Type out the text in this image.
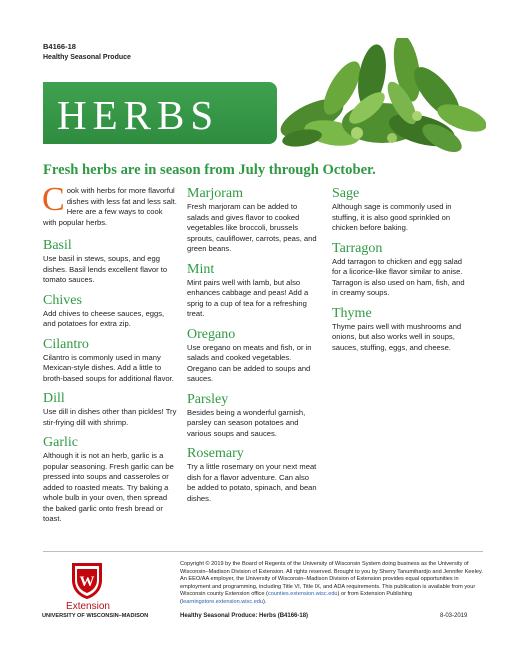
B4166-18
Healthy Seasonal Produce
HERBS
Fresh herbs are in season from July through October.
C ook with herbs for more flavorful dishes with less fat and less salt. Here are a few ways to cook with popular herbs.
Basil
Use basil in stews, soups, and egg dishes. Basil lends excellent flavor to tomato sauces.
Chives
Add chives to cheese sauces, eggs, and potatoes for extra zip.
Cilantro
Cilantro is commonly used in many Mexican-style dishes. Add a little to broth-based soups for additional flavor.
Dill
Use dill in dishes other than pickles! Try stir-frying dill with shrimp.
Garlic
Although it is not an herb, garlic is a popular seasoning. Fresh garlic can be pressed into soups and casseroles or added to roasted meats. Try baking a whole bulb in your oven, then spread the baked garlic onto fresh bread or toast.
Marjoram
Fresh marjoram can be added to salads and gives flavor to cooked vegetables like broccoli, brussels sprouts, cauliflower, carrots, peas, and green beans.
Mint
Mint pairs well with lamb, but also enhances cabbage and peas! Add a sprig to a cup of tea for a refreshing treat.
Oregano
Use oregano on meats and fish, or in salads and cooked vegetables. Oregano can be added to soups and sauces.
Parsley
Besides being a wonderful garnish, parsley can season potatoes and various soups and sauces.
Rosemary
Try a little rosemary on your next meat dish for a flavor adventure. Can also be added to potato, spinach, and bean dishes.
Sage
Although sage is commonly used in stuffing, it is also good sprinkled on chicken before baking.
Tarragon
Add tarragon to chicken and egg salad for a licorice-like flavor similar to anise. Tarragon is also used on ham, fish, and in creamy soups.
Thyme
Thyme pairs well with mushrooms and onions, but also works well in soups, sauces, stuffing, eggs, and cheese.
W
Extension
UNIVERSITY OF WISCONSIN–MADISON
Copyright © 2019 by the Board of Regents of the University of Wisconsin System doing business as the University of Wisconsin–Madison Division of Extension. All rights reserved. Brought to you by Sherry Tanumihardjo and Jennifer Keeley. An EEO/AA employer, the University of Wisconsin–Madison Division of Extension provides equal opportunities in employment and programming, including Title VI, Title IX, and ADA requirements. This publication is available from your Wisconsin county Extension office (counties.extension.wisc.edu) or from Extension Publishing (learningstore.extension.wisc.edu).
Healthy Seasonal Produce: Herbs (B4166-18)	8-03-2019
